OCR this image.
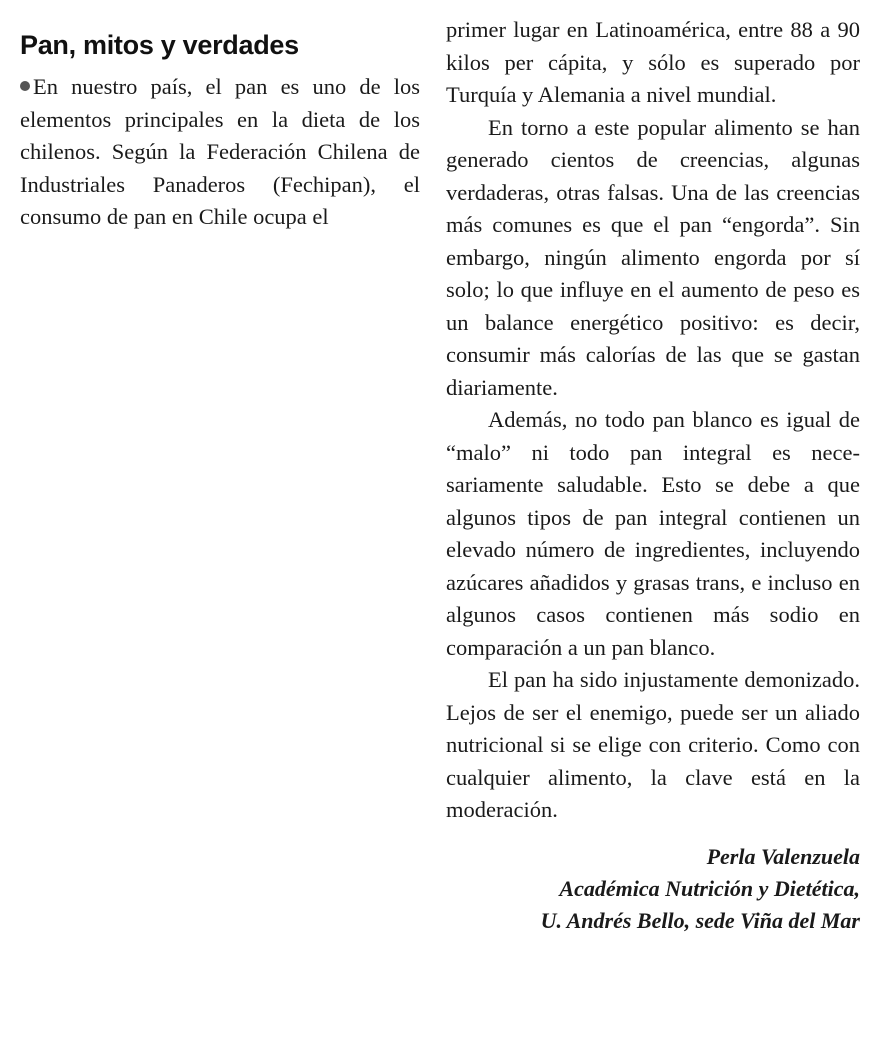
Pan, mitos y verdades

En nuestro país, el pan es uno de los elementos principales en la dieta de los chilenos. Según la Federación Chilena de Industriales Panaderos (Fechipan), el consumo de pan en Chile ocupa el

primer lugar en Latinoamérica, entre 88 a 90 kilos per cápita, y sólo es superado por Turquía y Alemania a nivel mundial.

En torno a este popular alimento se han generado cientos de creencias, algunas verdaderas, otras falsas. Una de las creencias más comunes es que el pan “engorda”. Sin embargo, ningún alimento engorda por sí solo; lo que influye en el aumento de peso es un balance energético positivo: es decir, consumir más calorías de las que se gastan diariamente.

Además, no todo pan blanco es igual de “malo” ni todo pan integral es necesariamente saludable. Esto se debe a que algunos tipos de pan integral contienen un elevado número de ingredientes, incluyendo azúcares añadidos y grasas trans, e incluso en algunos casos contienen más sodio en comparación a un pan blanco.

El pan ha sido injustamente demonizado. Lejos de ser el enemigo, puede ser un aliado nutricional si se elige con criterio. Como con cualquier alimento, la clave está en la moderación.

Perla Valenzuela
Académica Nutrición y Dietética,
U. Andrés Bello, sede Viña del Mar
